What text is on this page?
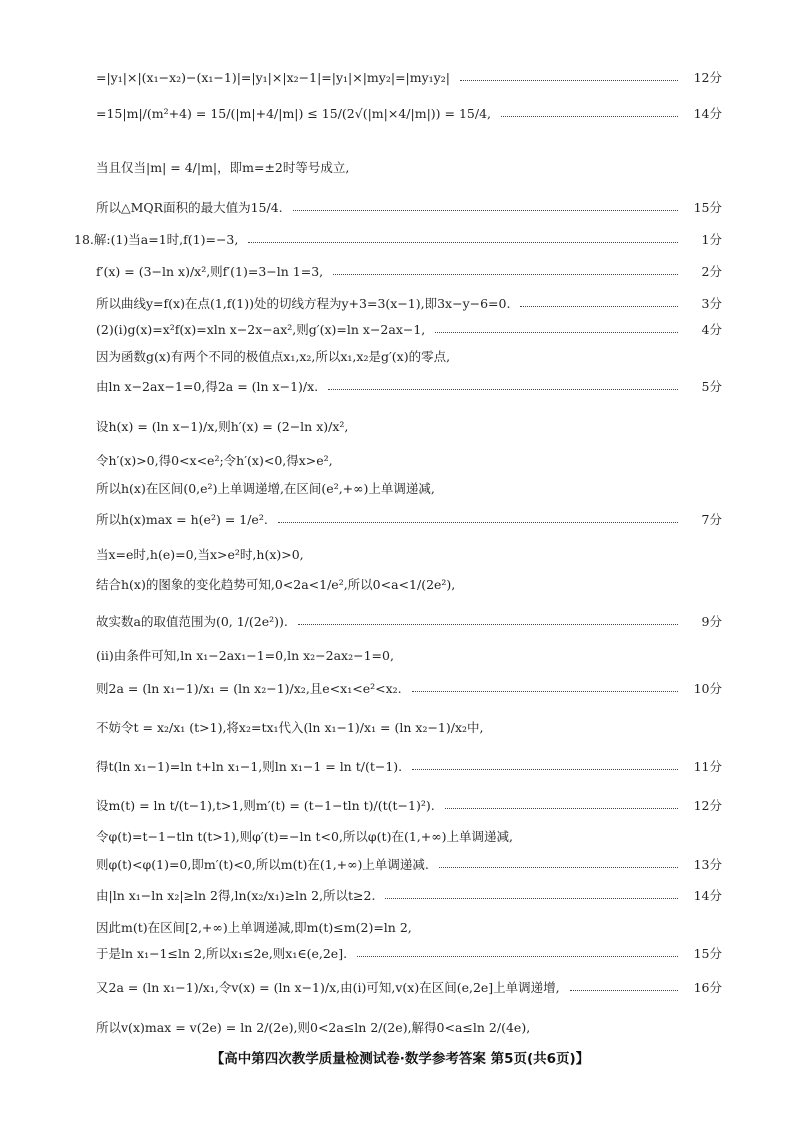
=|y₁|×|(x₁−x₂)−(x₁−1)|=|y₁|×|x₂−1|=|y₁|×|my₂|=|my₁y₂|	12分
=15|m|/(m²+4) = 15/(|m|+4/|m|) ≤ 15/(2√(|m|×4/|m|)) = 15/4,	14分
当且仅当|m| = 4/|m|，即m=±2时等号成立,
所以△MQR面积的最大值为15/4.	15分
18.解:(1)当a=1时,f(1)=−3,	1分
f′(x) = (3−ln x)/x²,则f′(1)=3−ln 1=3,	2分
所以曲线y=f(x)在点(1,f(1))处的切线方程为y+3=3(x−1),即3x−y−6=0.	3分
(2)(ⅰ)g(x)=x²f(x)=xln x−2x−ax²,则g′(x)=ln x−2ax−1,	4分
因为函数g(x)有两个不同的极值点x₁,x₂,所以x₁,x₂是g′(x)的零点,
由ln x−2ax−1=0,得2a = (ln x−1)/x.	5分
设h(x) = (ln x−1)/x,则h′(x) = (2−ln x)/x²,
令h′(x)>0,得0<x<e²;令h′(x)<0,得x>e²,
所以h(x)在区间(0,e²)上单调递增,在区间(e²,+∞)上单调递减,
所以h(x)max = h(e²) = 1/e².	7分
当x=e时,h(e)=0,当x>e²时,h(x)>0,
结合h(x)的图象的变化趋势可知,0<2a<1/e²,所以0<a<1/(2e²),
故实数a的取值范围为(0, 1/(2e²)).	9分
(ⅱ)由条件可知,ln x₁−2ax₁−1=0,ln x₂−2ax₂−1=0,
则2a = (ln x₁−1)/x₁ = (ln x₂−1)/x₂,且e<x₁<e²<x₂.	10分
不妨令t = x₂/x₁ (t>1),将x₂=tx₁代入(ln x₁−1)/x₁ = (ln x₂−1)/x₂中,
得t(ln x₁−1)=ln t+ln x₁−1,则ln x₁−1 = ln t/(t−1).	11分
设m(t) = ln t/(t−1),t>1,则m′(t) = (t−1−tln t)/(t(t−1)²).	12分
令φ(t)=t−1−tln t(t>1),则φ′(t)=−ln t<0,所以φ(t)在(1,+∞)上单调递减,
则φ(t)<φ(1)=0,即m′(t)<0,所以m(t)在(1,+∞)上单调递减.	13分
由|ln x₁−ln x₂|≥ln 2得,ln(x₂/x₁)≥ln 2,所以t≥2.	14分
因此m(t)在区间[2,+∞)上单调递减,即m(t)≤m(2)=ln 2,
于是ln x₁−1≤ln 2,所以x₁≤2e,则x₁∈(e,2e].	15分
又2a = (ln x₁−1)/x₁,令v(x) = (ln x−1)/x,由(ⅰ)可知,v(x)在区间(e,2e]上单调递增,	16分
所以v(x)max = v(2e) = ln 2/(2e),则0<2a≤ln 2/(2e),解得0<a≤ln 2/(4e),
【高中第四次教学质量检测试卷·数学参考答案 第5页(共6页)】
